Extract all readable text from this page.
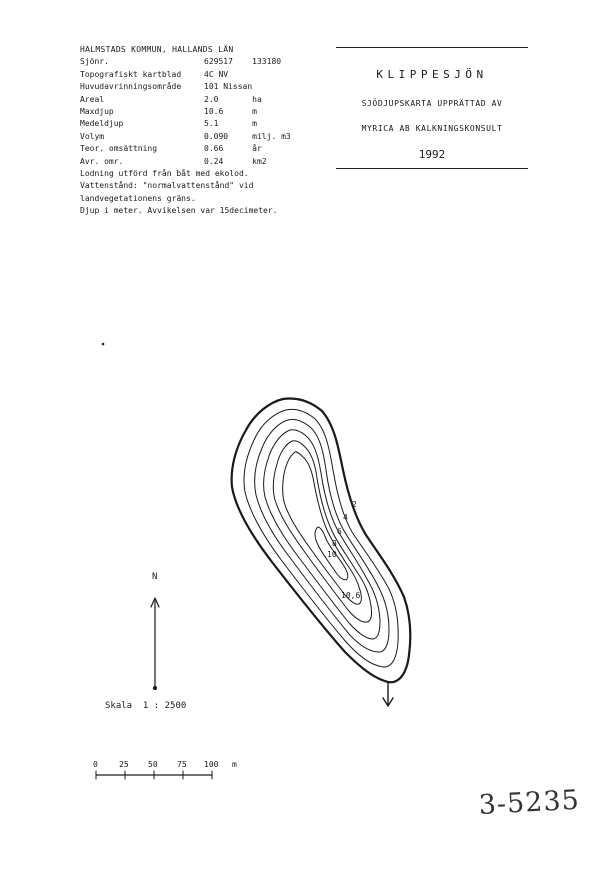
HALMSTADS KOMMUN, HALLANDS LÄN
Sjönr.	629517	133180
Topografiskt kartblad	4C NV	
Huvudavrinningsområde	101 Nissan	
Areal	2.0	ha
Maxdjup	10.6	m
Medeldjup	5.1	m
Volym	0.090	milj. m3
Teor. omsättning	0.66	år
Avr. omr.	0.24	km2
Lodning utförd från båt med ekolod.
Vattenstånd: "normalvattenstånd" vid
landvegetationens gräns.
Djup i meter. Avvikelsen var 15decimeter.
KLIPPESJÖN
SJÖDJUPSKARTA UPPRÄTTAD AV
MYRICA AB KALKNINGSKONSULT
1992
2
4
6
8
10
10,6
0	25 50 75 100 m
N
Skala  1 : 2500
3-5235
